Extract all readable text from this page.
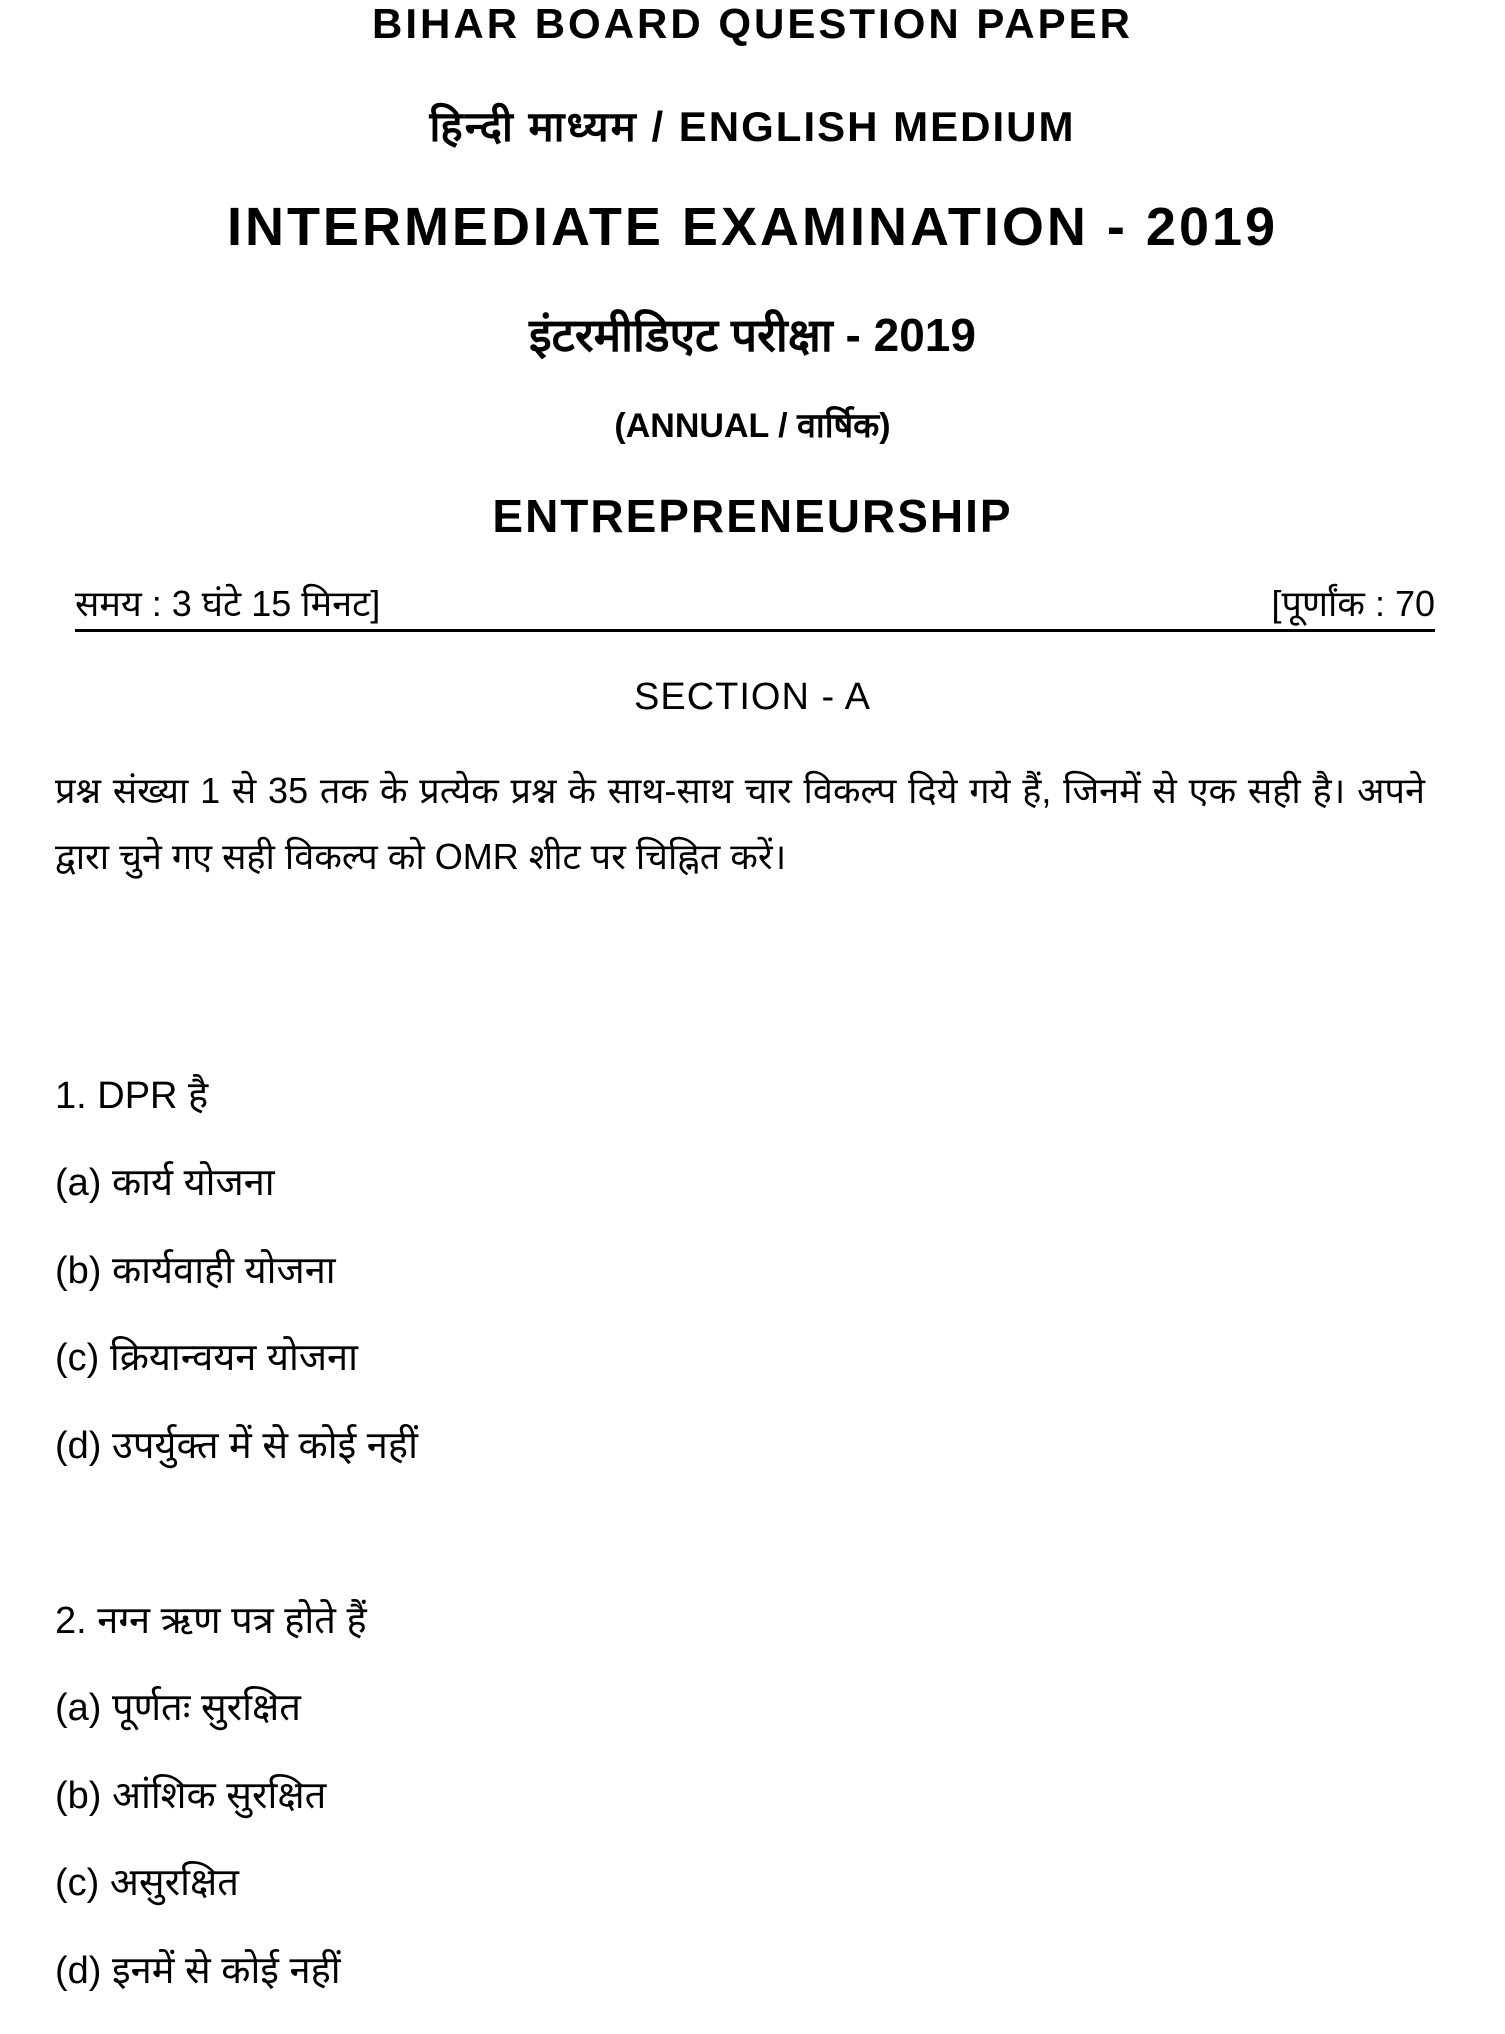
BIHAR BOARD QUESTION PAPER
हिन्दी माध्यम / ENGLISH MEDIUM
INTERMEDIATE EXAMINATION - 2019
इंटरमीडिएट परीक्षा - 2019
(ANNUAL / वार्षिक)
ENTREPRENEURSHIP
समय : 3 घंटे 15 मिनट]	[पूर्णांक : 70
SECTION - A
प्रश्न संख्या 1 से 35 तक के प्रत्येक प्रश्न के साथ-साथ चार विकल्प दिये गये हैं, जिनमें से एक सही है। अपने द्वारा चुने गए सही विकल्प को OMR शीट पर चिह्नित करें।
1. DPR है
(a) कार्य योजना
(b) कार्यवाही योजना
(c) क्रियान्वयन योजना
(d) उपर्युक्त में से कोई नहीं
2. नग्न ऋण पत्र होते हैं
(a) पूर्णतः सुरक्षित
(b) आंशिक सुरक्षित
(c) असुरक्षित
(d) इनमें से कोई नहीं
